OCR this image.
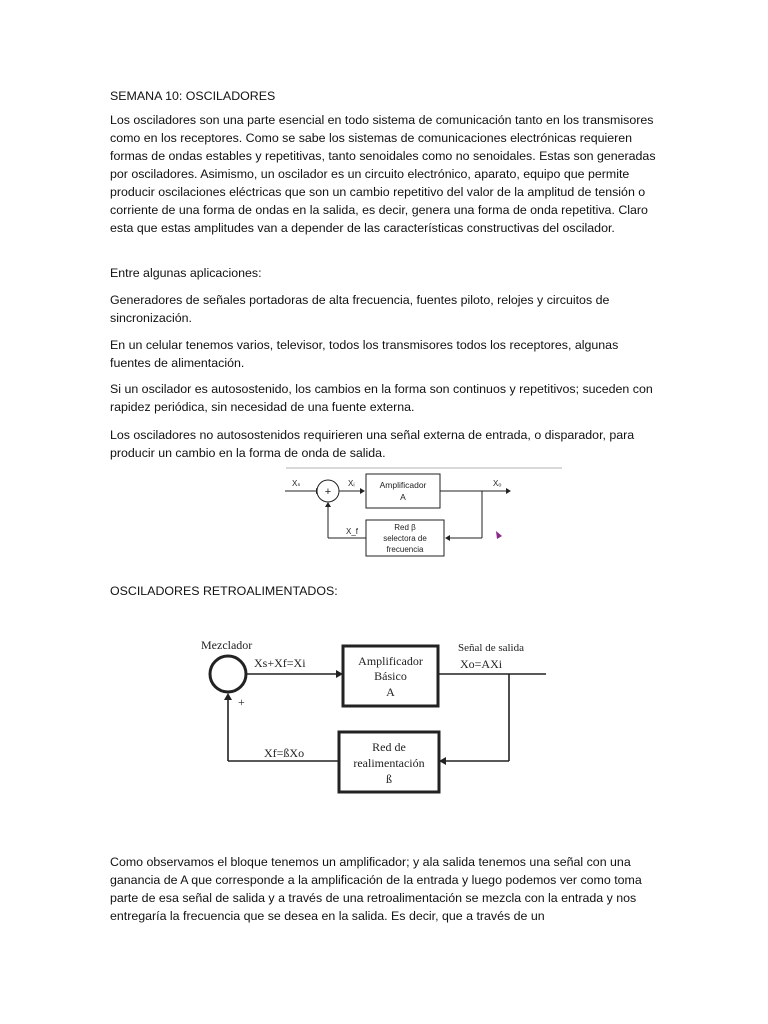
SEMANA 10: OSCILADORES

Los osciladores son una parte esencial en todo sistema de comunicación tanto en los transmisores como en los receptores. Como se sabe los sistemas de comunicaciones electrónicas requieren formas de ondas estables y repetitivas, tanto senoidales como no senoidales. Estas son generadas por osciladores. Asimismo, un oscilador es un circuito electrónico, aparato, equipo que permite producir oscilaciones eléctricas que son un cambio repetitivo del valor de la amplitud de tensión o corriente de una forma de ondas en la salida, es decir, genera una forma de onda repetitiva. Claro esta que estas amplitudes van a depender de las características constructivas del oscilador.

Entre algunas aplicaciones:

Generadores de señales portadoras de alta frecuencia, fuentes piloto, relojes y circuitos de sincronización.

En un celular tenemos varios, televisor, todos los transmisores todos los receptores, algunas fuentes de alimentación.

Si un oscilador es autosostenido, los cambios en la forma son continuos y repetitivos; suceden con rapidez periódica, sin necesidad de una fuente externa.

Los osciladores no autosostenidos requirieren una señal externa de entrada, o disparador, para producir un cambio en la forma de onda de salida.

Xₛ
+
Xᵢ	Amplificador
A
Xₒ
Red β
selectora de
frecuencia
X_f

OSCILADORES RETROALIMENTADOS:

Mezclador
Xs+Xf=Xi	Amplificador
Básico
A
Señal de salida
Xo=AXi
Red de
realimentación
ß
Xf=ßXo
+

Como observamos el bloque tenemos un amplificador; y ala salida tenemos una señal con una ganancia de A que corresponde a la amplificación de la entrada y luego podemos ver como toma parte de esa señal de salida y a través de una retroalimentación se mezcla con la entrada y nos entregaría la frecuencia que se desea en la salida. Es decir, que a través de un
